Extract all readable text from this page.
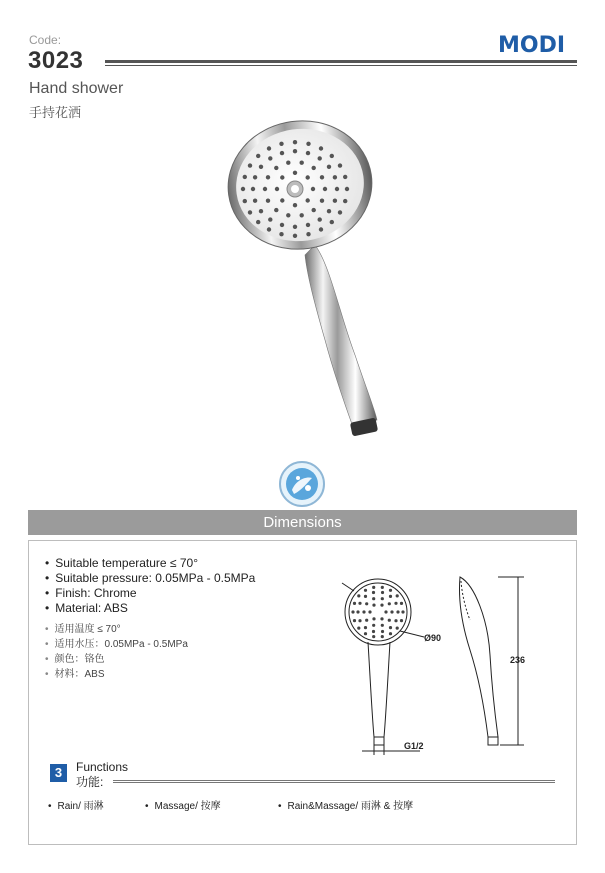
Code:
3023
MODI
Hand shower
手持花洒
Dimensions
• Suitable temperature ≤ 70°
• Suitable pressure: 0.05MPa - 0.5MPa
• Finish: Chrome
• Material: ABS
• 适用温度 ≤ 70°
• 适用水压：0.05MPa - 0.5MPa
• 颜色：铬色
• 材料：ABS
Ø90
236
G1/2
3	Functions
功能:
• Rain/ 雨淋	• Massage/ 按摩	• Rain&Massage/ 雨淋 & 按摩
